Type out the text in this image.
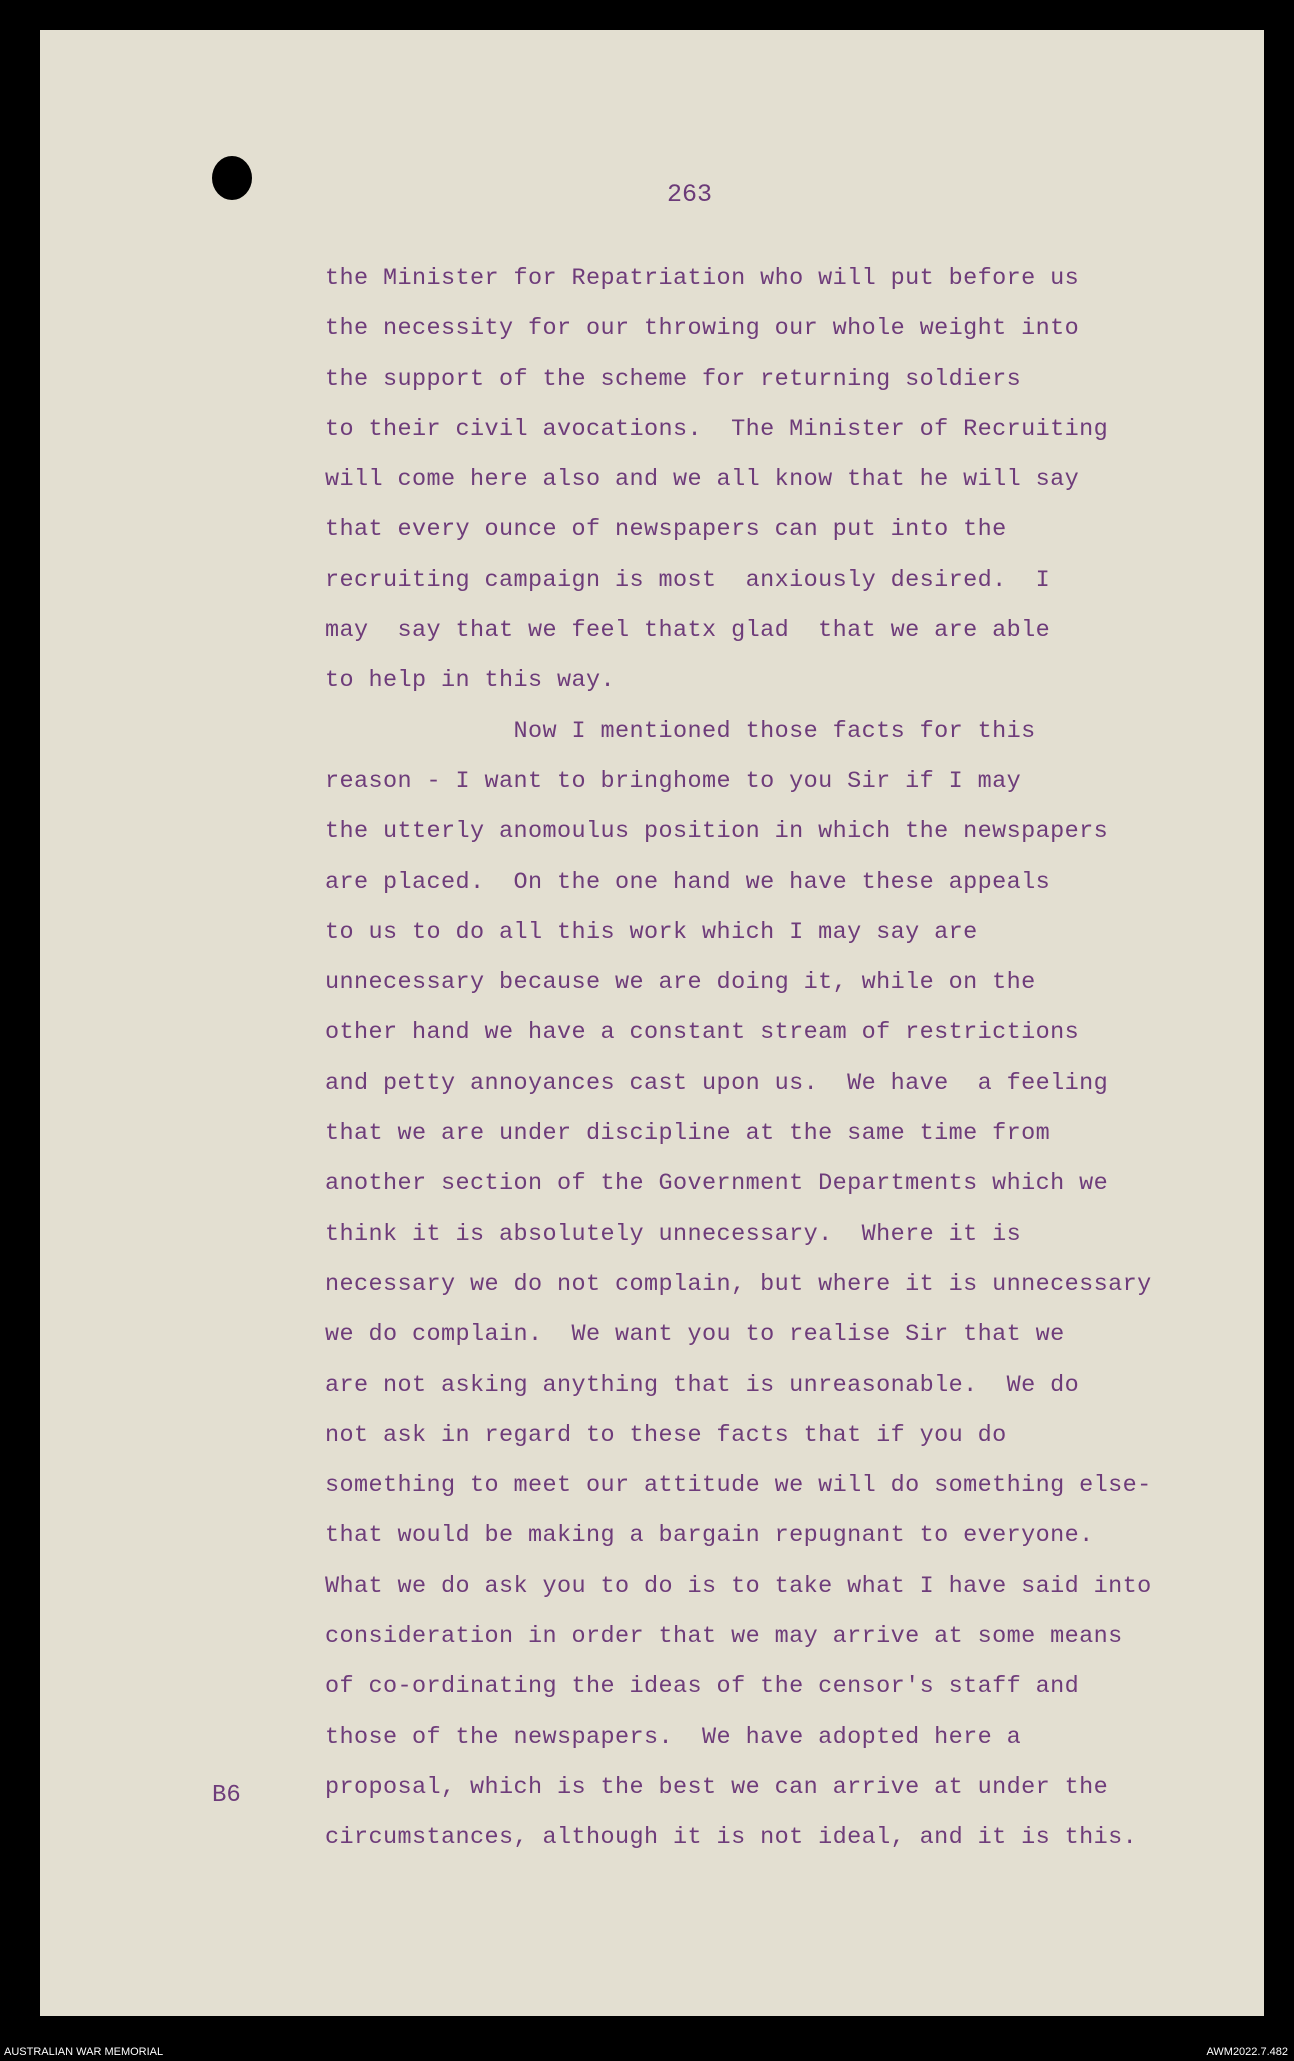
263
the Minister for Repatriation who will put before us
the necessity for our throwing our whole weight into
the support of the scheme for returning soldiers
to their civil avocations.  The Minister of Recruiting
will come here also and we all know that he will say
that every ounce of newspapers can put into the
recruiting campaign is most  anxiously desired.  I
may  say that we feel thatx glad  that we are able
to help in this way.
Now I mentioned those facts for this
reason - I want to bringhome to you Sir if I may
the utterly anomoulus position in which the newspapers
are placed.  On the one hand we have these appeals
to us to do all this work which I may say are
unnecessary because we are doing it, while on the
other hand we have a constant stream of restrictions
and petty annoyances cast upon us.  We have  a feeling
that we are under discipline at the same time from
another section of the Government Departments which we
think it is absolutely unnecessary.  Where it is
necessary we do not complain, but where it is unnecessary
we do complain.  We want you to realise Sir that we
are not asking anything that is unreasonable.  We do
not ask in regard to these facts that if you do
something to meet our attitude we will do something else-
that would be making a bargain repugnant to everyone.
What we do ask you to do is to take what I have said into
consideration in order that we may arrive at some means
of co-ordinating the ideas of the censor's staff and
those of the newspapers.  We have adopted here a
proposal, which is the best we can arrive at under the
circumstances, although it is not ideal, and it is this.
B6
AUSTRALIAN WAR MEMORIAL	AWM2022.7.482
